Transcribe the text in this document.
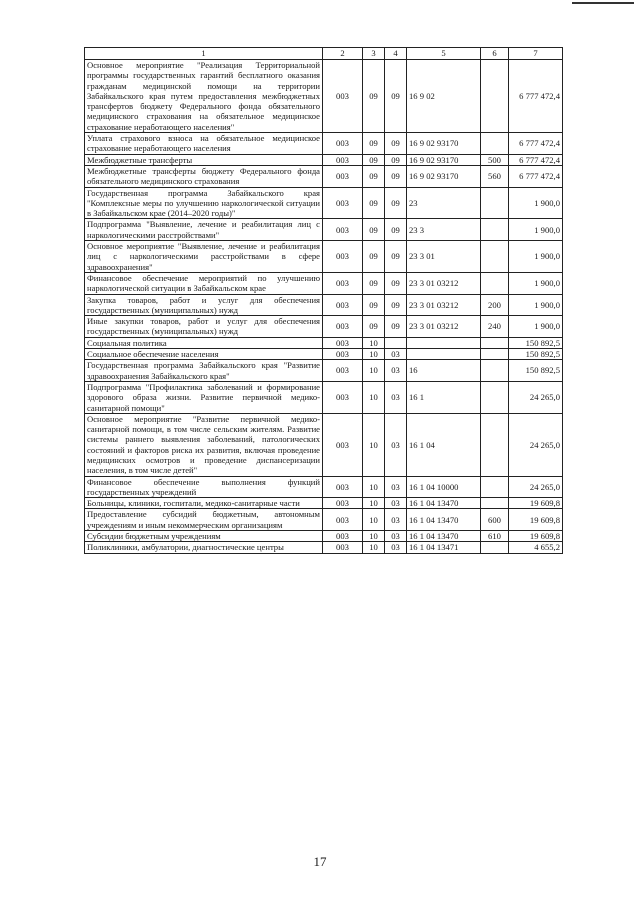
1	2	3	4	5	6	7
Основное мероприятие "Реализация Территориальной программы государственных гарантий бесплатного оказания гражданам медицинской помощи на территории Забайкальского края путем предоставления межбюджетных трансфертов бюджету Федерального фонда обязательного медицинского страхования на обязательное медицинское страхование неработающего населения"	003	09	09	16 9 02		6 777 472,4
Уплата страхового взноса на обязательное медицинское страхование неработающего населения	003	09	09	16 9 02 93170		6 777 472,4
Межбюджетные трансферты	003	09	09	16 9 02 93170	500	6 777 472,4
Межбюджетные трансферты бюджету Федерального фонда обязательного медицинского страхования	003	09	09	16 9 02 93170	560	6 777 472,4
Государственная программа Забайкальского края "Комплексные меры по улучшению наркологической ситуации в Забайкальском крае (2014–2020 годы)"	003	09	09	23		1 900,0
Подпрограмма "Выявление, лечение и реабилитация лиц с наркологическими расстройствами"	003	09	09	23 3		1 900,0
Основное мероприятие "Выявление, лечение и реабилитация лиц с наркологическими расстройствами в сфере здравоохранения"	003	09	09	23 3 01		1 900,0
Финансовое обеспечение мероприятий по улучшению наркологической ситуации в Забайкальском крае	003	09	09	23 3 01 03212		1 900,0
Закупка товаров, работ и услуг для обеспечения государственных (муниципальных) нужд	003	09	09	23 3 01 03212	200	1 900,0
Иные закупки товаров, работ и услуг для обеспечения государственных (муниципальных) нужд	003	09	09	23 3 01 03212	240	1 900,0
Социальная политика	003	10				150 892,5
Социальное обеспечение населения	003	10	03			150 892,5
Государственная программа Забайкальского края "Развитие здравоохранения Забайкальского края"	003	10	03	16		150 892,5
Подпрограмма "Профилактика заболеваний и формирование здорового образа жизни. Развитие первичной медико-санитарной помощи"	003	10	03	16 1		24 265,0
Основное мероприятие "Развитие первичной медико-санитарной помощи, в том числе сельским жителям. Развитие системы раннего выявления заболеваний, патологических состояний и факторов риска их развития, включая проведение медицинских осмотров и проведение диспансеризации населения, в том числе детей"	003	10	03	16 1 04		24 265,0
Финансовое обеспечение выполнения функций государственных учреждений	003	10	03	16 1 04 10000		24 265,0
Больницы, клиники, госпитали, медико-санитарные части	003	10	03	16 1 04 13470		19 609,8
Предоставление субсидий бюджетным, автономным учреждениям и иным некоммерческим организациям	003	10	03	16 1 04 13470	600	19 609,8
Субсидии бюджетным учреждениям	003	10	03	16 1 04 13470	610	19 609,8
Поликлиники, амбулатории, диагностические центры	003	10	03	16 1 04 13471		4 655,2
17
